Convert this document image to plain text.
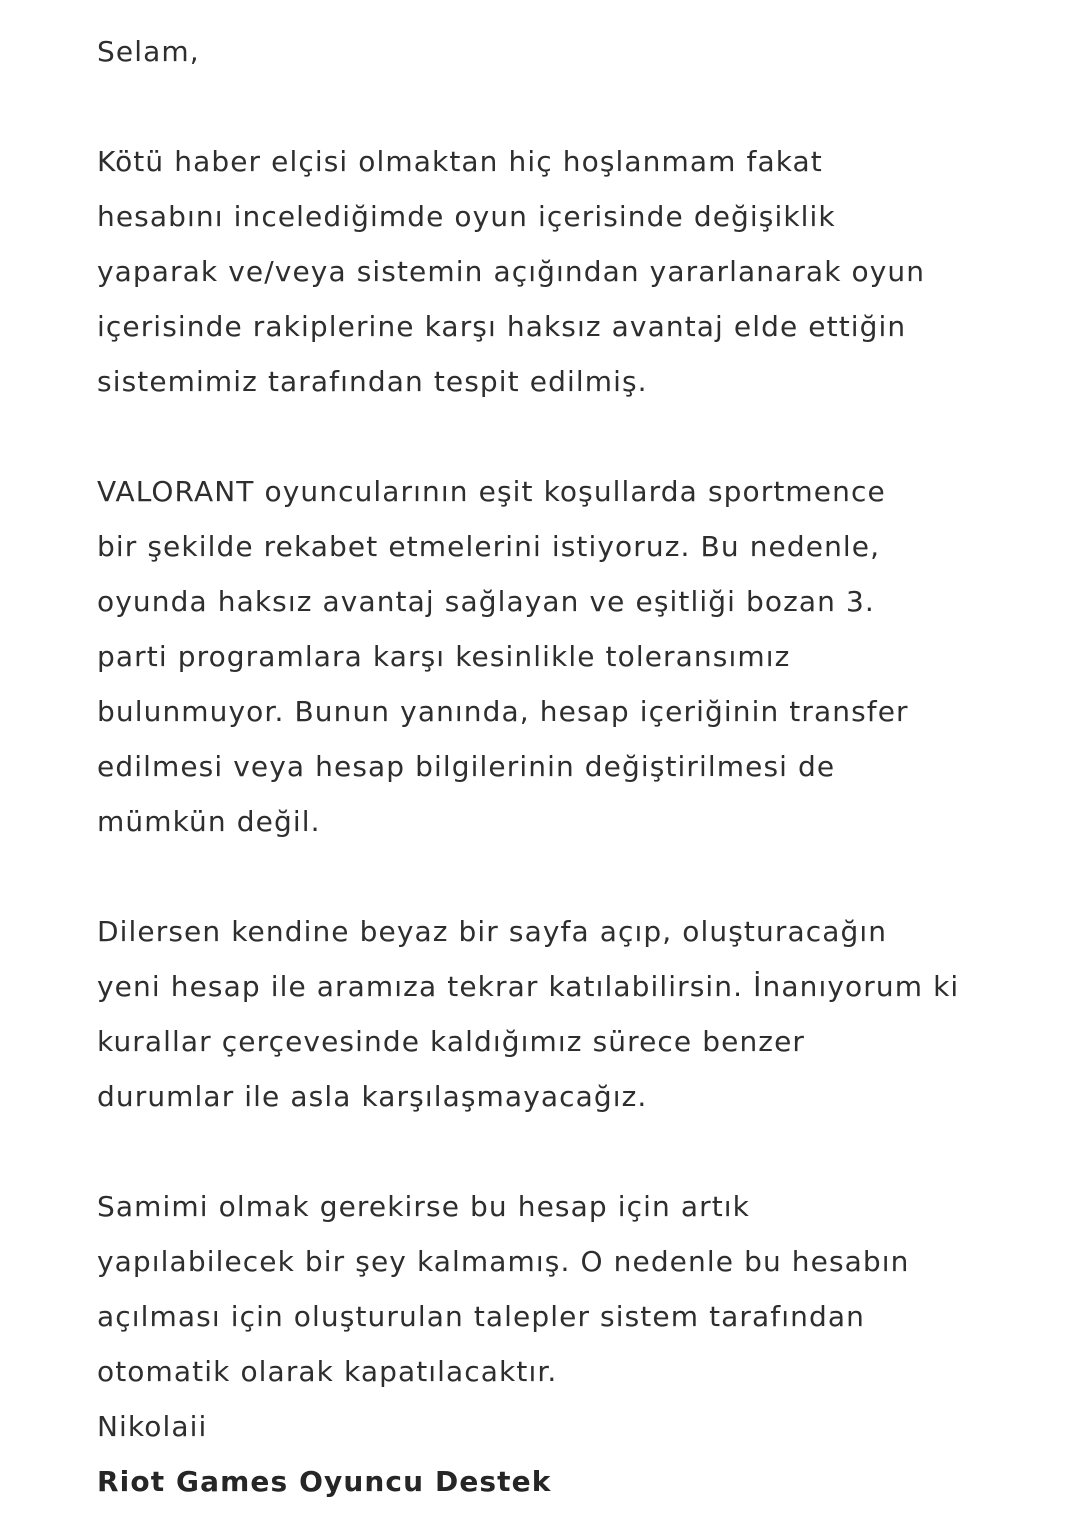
Selam,
Kötü haber elçisi olmaktan hiç hoşlanmam fakat
hesabını incelediğimde oyun içerisinde değişiklik
yaparak ve/veya sistemin açığından yararlanarak oyun
içerisinde rakiplerine karşı haksız avantaj elde ettiğin
sistemimiz tarafından tespit edilmiş.
VALORANT oyuncularının eşit koşullarda sportmence
bir şekilde rekabet etmelerini istiyoruz. Bu nedenle,
oyunda haksız avantaj sağlayan ve eşitliği bozan 3.
parti programlara karşı kesinlikle toleransımız
bulunmuyor. Bunun yanında, hesap içeriğinin transfer
edilmesi veya hesap bilgilerinin değiştirilmesi de
mümkün değil.
Dilersen kendine beyaz bir sayfa açıp, oluşturacağın
yeni hesap ile aramıza tekrar katılabilirsin. İnanıyorum ki
kurallar çerçevesinde kaldığımız sürece benzer
durumlar ile asla karşılaşmayacağız.
Samimi olmak gerekirse bu hesap için artık
yapılabilecek bir şey kalmamış. O nedenle bu hesabın
açılması için oluşturulan talepler sistem tarafından
otomatik olarak kapatılacaktır.
Nikolaii
Riot Games Oyuncu Destek
